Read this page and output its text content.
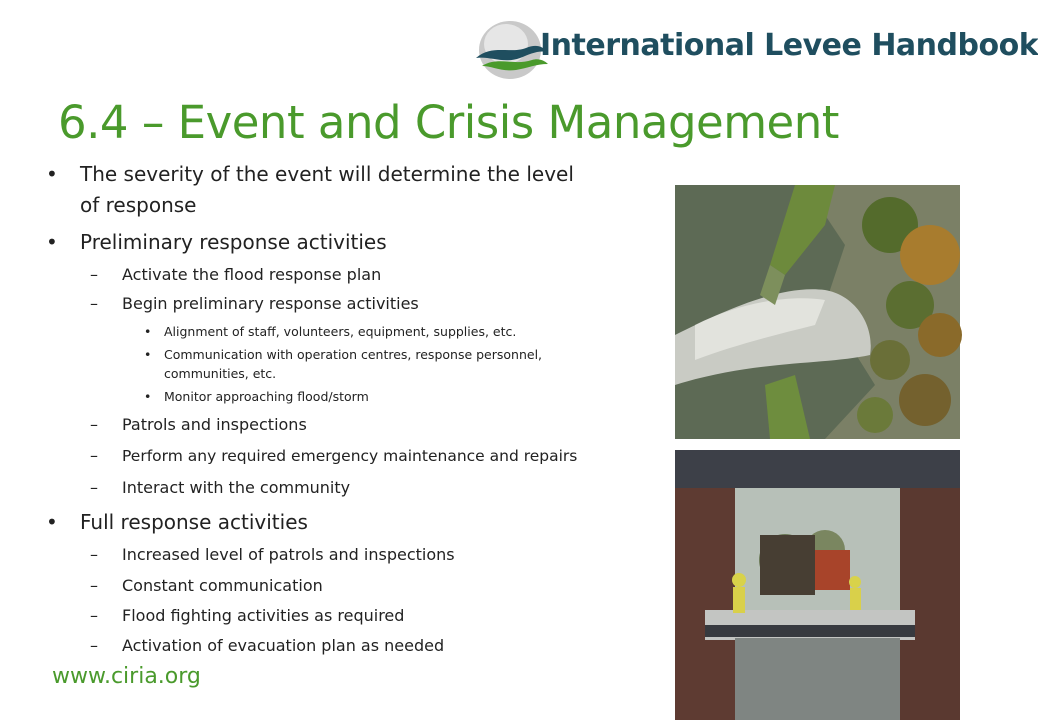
International Levee Handbook
6.4 – Event and Crisis Management
• The severity of the event will determine the level
of response
• Preliminary response activities
– Activate the flood response plan
– Begin preliminary response activities
• Alignment of staff, volunteers, equipment, supplies, etc.
• Communication with operation centres, response personnel,
communities, etc.
• Monitor approaching flood/storm
– Patrols and inspections
– Perform any required emergency maintenance and repairs
– Interact with the community
• Full response activities
– Increased level of patrols and inspections
– Constant communication
– Flood fighting activities as required
– Activation of evacuation plan as needed
www.ciria.org
